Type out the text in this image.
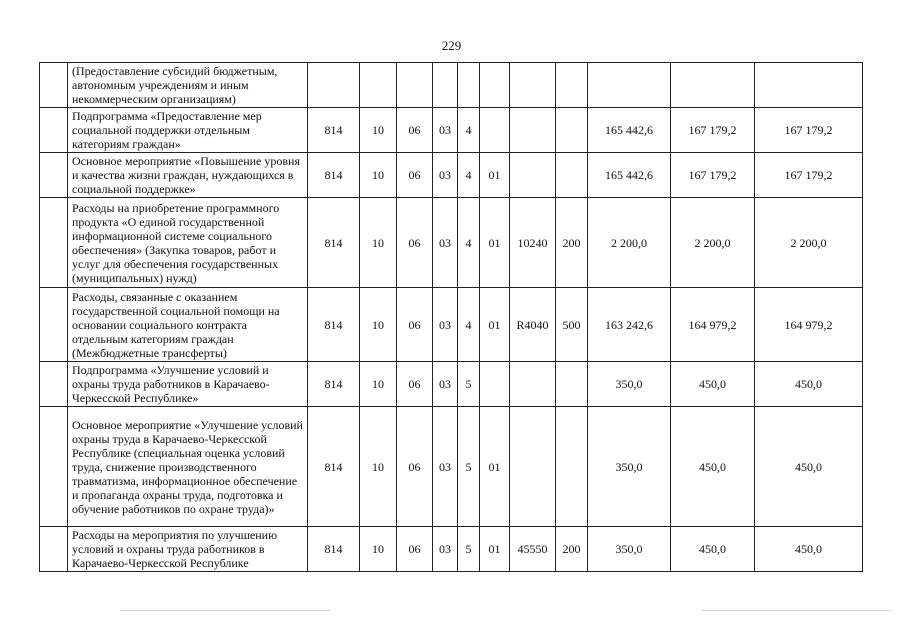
229
	(Предоставление субсидий бюджетным, автономным учреждениям и иным некоммерческим организациям)											
	Подпрограмма «Предоставление мер социальной поддержки отдельным категориям граждан»	814	10	06	03	4				165 442,6	167 179,2	167 179,2
	Основное мероприятие «Повышение уровня и качества жизни граждан, нуждающихся в социальной поддержке»	814	10	06	03	4	01			165 442,6	167 179,2	167 179,2
	Расходы на приобретение программного продукта «О единой государственной информационной системе социального обеспечения» (Закупка товаров, работ и услуг для обеспечения государственных (муниципальных) нужд)	814	10	06	03	4	01	10240	200	2 200,0	2 200,0	2 200,0
	Расходы, связанные с оказанием государственной социальной помощи на основании социального контракта отдельным категориям граждан (Межбюджетные трансферты)	814	10	06	03	4	01	R4040	500	163 242,6	164 979,2	164 979,2
	Подпрограмма «Улучшение условий и охраны труда работников в Карачаево-Черкесской Республике»	814	10	06	03	5				350,0	450,0	450,0
	Основное мероприятие «Улучшение условий охраны труда в Карачаево-Черкесской Республике (специальная оценка условий труда, снижение производственного травматизма, информационное обеспечение и пропаганда охраны труда, подготовка и обучение работников по охране труда)»	814	10	06	03	5	01			350,0	450,0	450,0
	Расходы на мероприятия по улучшению условий и охраны труда работников в Карачаево-Черкесской Республике	814	10	06	03	5	01	45550	200	350,0	450,0	450,0
